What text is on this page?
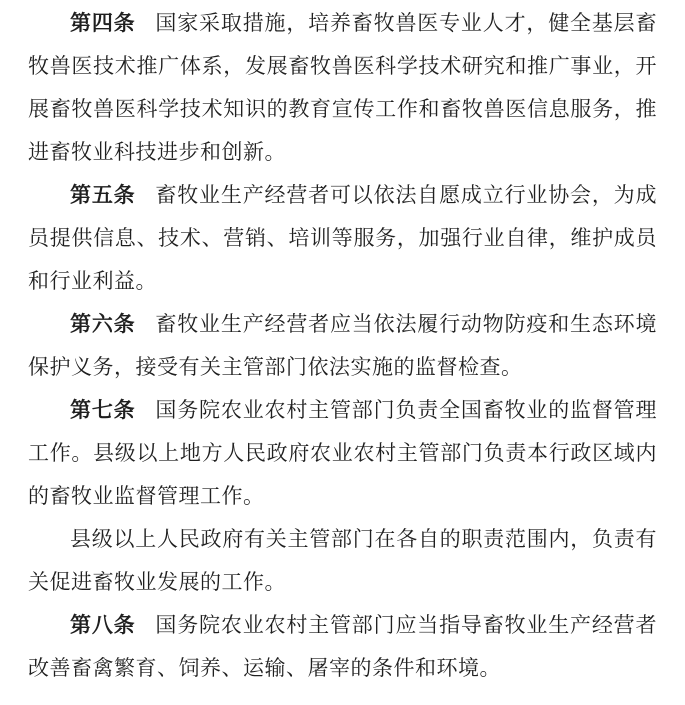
第四条 国家采取措施，培养畜牧兽医专业人才，健全基层畜牧兽医技术推广体系，发展畜牧兽医科学技术研究和推广事业，开展畜牧兽医科学技术知识的教育宣传工作和畜牧兽医信息服务，推进畜牧业科技进步和创新。

第五条 畜牧业生产经营者可以依法自愿成立行业协会，为成员提供信息、技术、营销、培训等服务，加强行业自律，维护成员和行业利益。

第六条 畜牧业生产经营者应当依法履行动物防疫和生态环境保护义务，接受有关主管部门依法实施的监督检查。

第七条 国务院农业农村主管部门负责全国畜牧业的监督管理工作。县级以上地方人民政府农业农村主管部门负责本行政区域内的畜牧业监督管理工作。

县级以上人民政府有关主管部门在各自的职责范围内，负责有关促进畜牧业发展的工作。

第八条 国务院农业农村主管部门应当指导畜牧业生产经营者改善畜禽繁育、饲养、运输、屠宰的条件和环境。
